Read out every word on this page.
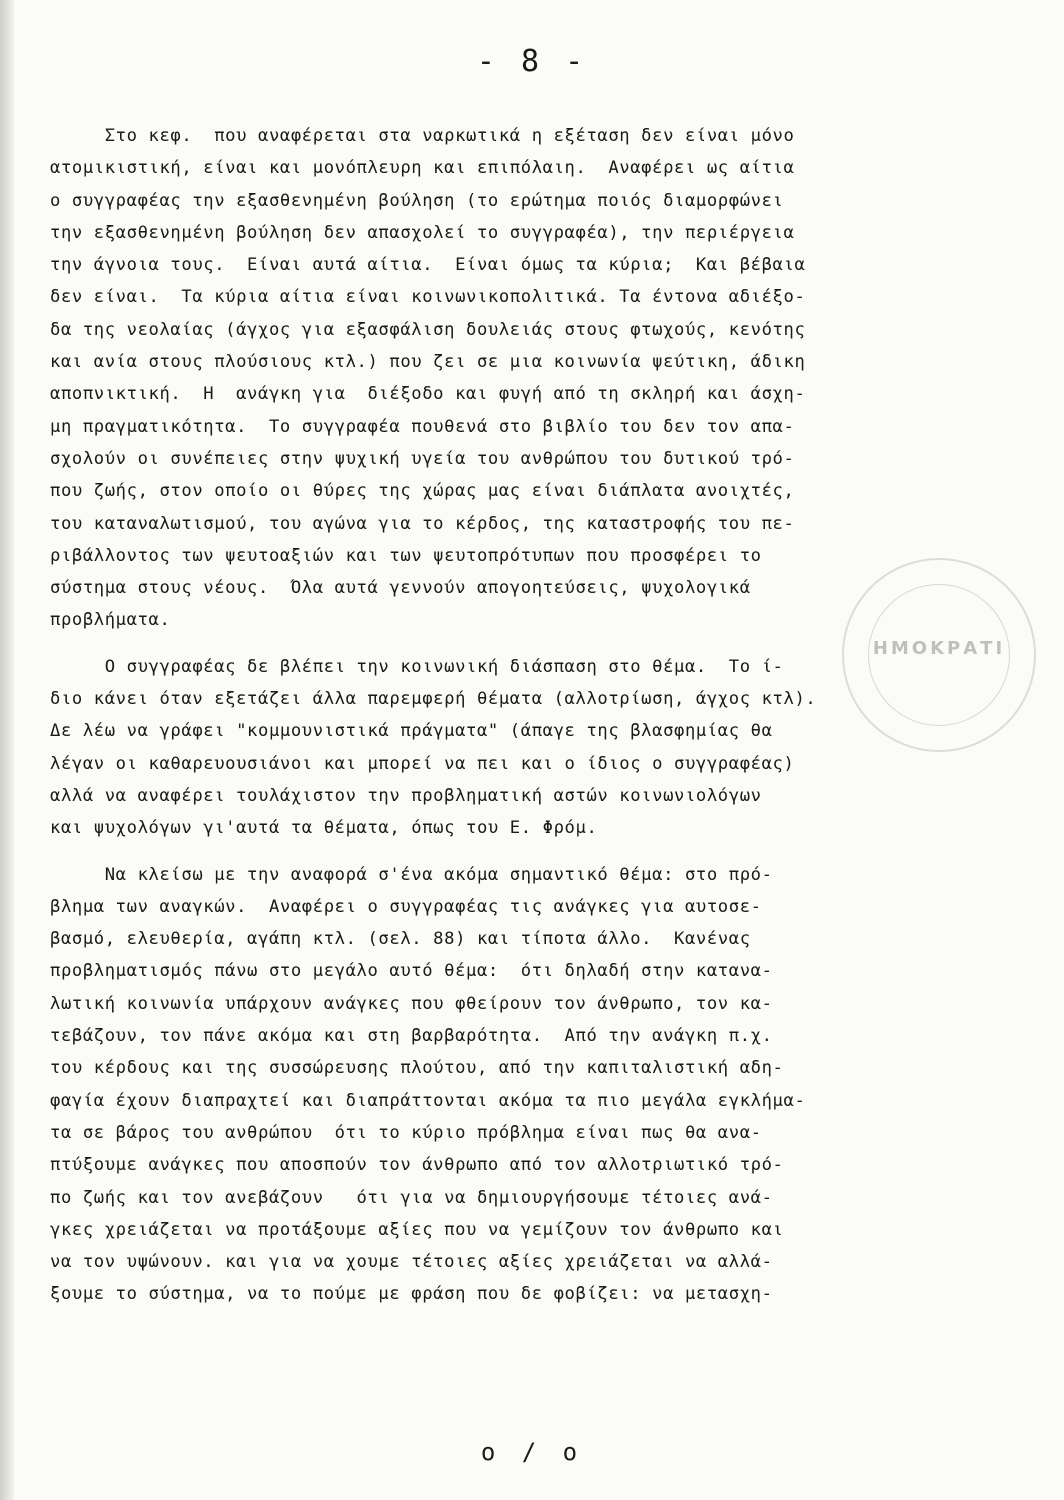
- 8 -
Στο κεφ.  που αναφέρεται στα ναρκωτικά η εξέταση δεν είναι μόνο
ατομικιστική, είναι και μονόπλευρη και επιπόλαιη.  Αναφέρει ως αίτια
ο συγγραφέας την εξασθενημένη βούληση (το ερώτημα ποιός διαμορφώνει
την εξασθενημένη βούληση δεν απασχολεί το συγγραφέα), την περιέργεια
την άγνοια τους.  Είναι αυτά αίτια.  Είναι όμως τα κύρια;  Και βέβαια
δεν είναι.  Τα κύρια αίτια είναι κοινωνικοπολιτικά. Τα έντονα αδιέξο-
δα της νεολαίας (άγχος για εξασφάλιση δουλειάς στους φτωχούς, κενότης
και ανία στους πλούσιους κτλ.) που ζει σε μια κοινωνία ψεύτικη, άδικη
αποπνικτική.  Η  ανάγκη για  διέξοδο και φυγή από τη σκληρή και άσχη-
μη πραγματικότητα.  Το συγγραφέα πουθενά στο βιβλίο του δεν τον απα-
σχολούν οι συνέπειες στην ψυχική υγεία του ανθρώπου του δυτικού τρό-
που ζωής, στον οποίο οι θύρες της χώρας μας είναι διάπλατα ανοιχτές,
του καταναλωτισμού, του αγώνα για το κέρδος, της καταστροφής του πε-
ριβάλλοντος των ψευτοαξιών και των ψευτοπρότυπων που προσφέρει το
σύστημα στους νέους.  Όλα αυτά γεννούν απογοητεύσεις, ψυχολογικά
προβλήματα.
Ο συγγραφέας δε βλέπει την κοινωνική διάσπαση στο θέμα.  Το ί-
διο κάνει όταν εξετάζει άλλα παρεμφερή θέματα (αλλοτρίωση, άγχος κτλ).
Δε λέω να γράφει "κομμουνιστικά πράγματα" (άπαγε της βλασφημίας θα
λέγαν οι καθαρευουσιάνοι και μπορεί να πει και ο ίδιος ο συγγραφέας)
αλλά να αναφέρει τουλάχιστον την προβληματική αστών κοινωνιολόγων
και ψυχολόγων γι'αυτά τα θέματα, όπως του Ε. Φρόμ.
Να κλείσω με την αναφορά σ'ένα ακόμα σημαντικό θέμα: στο πρό-
βλημα των αναγκών.  Αναφέρει ο συγγραφέας τις ανάγκες για αυτοσε-
βασμό, ελευθερία, αγάπη κτλ. (σελ. 88) και τίποτα άλλο.  Κανένας
προβληματισμός πάνω στο μεγάλο αυτό θέμα:  ότι δηλαδή στην κατανα-
λωτική κοινωνία υπάρχουν ανάγκες που φθείρουν τον άνθρωπο, τον κα-
τεβάζουν, τον πάνε ακόμα και στη βαρβαρότητα.  Από την ανάγκη π.χ.
του κέρδους και της συσσώρευσης πλούτου, από την καπιταλιστική αδη-
φαγία έχουν διαπραχτεί και διαπράττονται ακόμα τα πιο μεγάλα εγκλήμα-
τα σε βάρος του ανθρώπου  ότι το κύριο πρόβλημα είναι πως θα ανα-
πτύξουμε ανάγκες που αποσπούν τον άνθρωπο από τον αλλοτριωτικό τρό-
πο ζωής και τον ανεβάζουν   ότι για να δημιουργήσουμε τέτοιες ανά-
γκες χρειάζεται να προτάξουμε αξίες που να γεμίζουν τον άνθρωπο και
να τον υψώνουν. και για να χουμε τέτοιες αξίες χρειάζεται να αλλά-
ξουμε το σύστημα, να το πούμε με φράση που δε φοβίζει: να μετασχη-
ΗΜΟΚΡΑΤΙ
ο / ο
